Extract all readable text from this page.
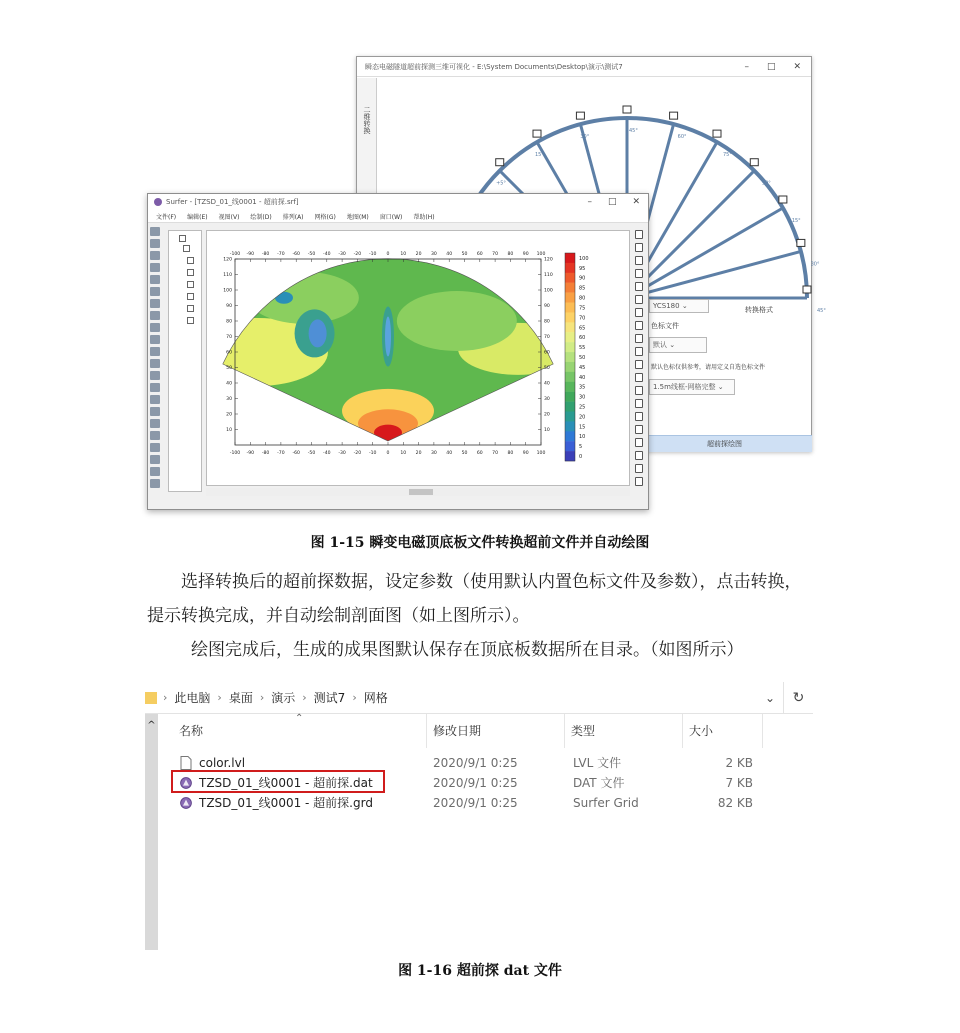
瞬态电磁隧道超前探测三维可视化 - E:\System Documents\Desktop\演示\测试7	– □ ✕
二维转换
+5°
15°
30°
45°
60°
75°
90°
15°
30°
45°
YCS180 ⌄	转换格式
色标文件
默认 ⌄
默认色标仅供参考，请用定义自选色标文件
1.5m线框-网格完整 ⌄
超前探绘图
Surfer - [TZSD_01_线0001 - 超前探.srf]	– □ ✕
文件(F) 编辑(E) 视图(V) 绘制(D) 排列(A) 网格(G) 地图(M) 窗口(W) 帮助(H)
-100
-100
-90
-90
-80
-80
-70
-70
-60
-60
-50
-50
-40
-40
-30
-30
-20
-20
-10
-10
0
0
10
10
20
20
30
30
40
40
50
50
60
60
70
70
80
80
90
90
100
100
120	120
110	110
100	100
90	90
80	80
70	70
60	60
50	50
40	40
30	30
20	20
10	10
100
95
90
85
80
75
70
65
60
55
50
45
40
35
30
25
20
15
10
5
0
图 1-15 瞬变电磁顶底板文件转换超前文件并自动绘图
选择转换后的超前探数据，设定参数（使用默认内置色标文件及参数），点击转换，提示转换完成，并自动绘制剖面图（如上图所示）。
绘图完成后，生成的成果图默认保存在顶底板数据所在目录。（如图所示）
› 此电脑 › 桌面 › 演示 › 测试7 › 网格	⌄	↻
^
⌃
名称	修改日期	类型	大小
color.lvl	2020/9/1 0:25	LVL 文件	2 KB
TZSD_01_线0001 - 超前探.dat	2020/9/1 0:25	DAT 文件	7 KB
TZSD_01_线0001 - 超前探.grd	2020/9/1 0:25	Surfer Grid	82 KB
图 1-16 超前探 dat 文件
